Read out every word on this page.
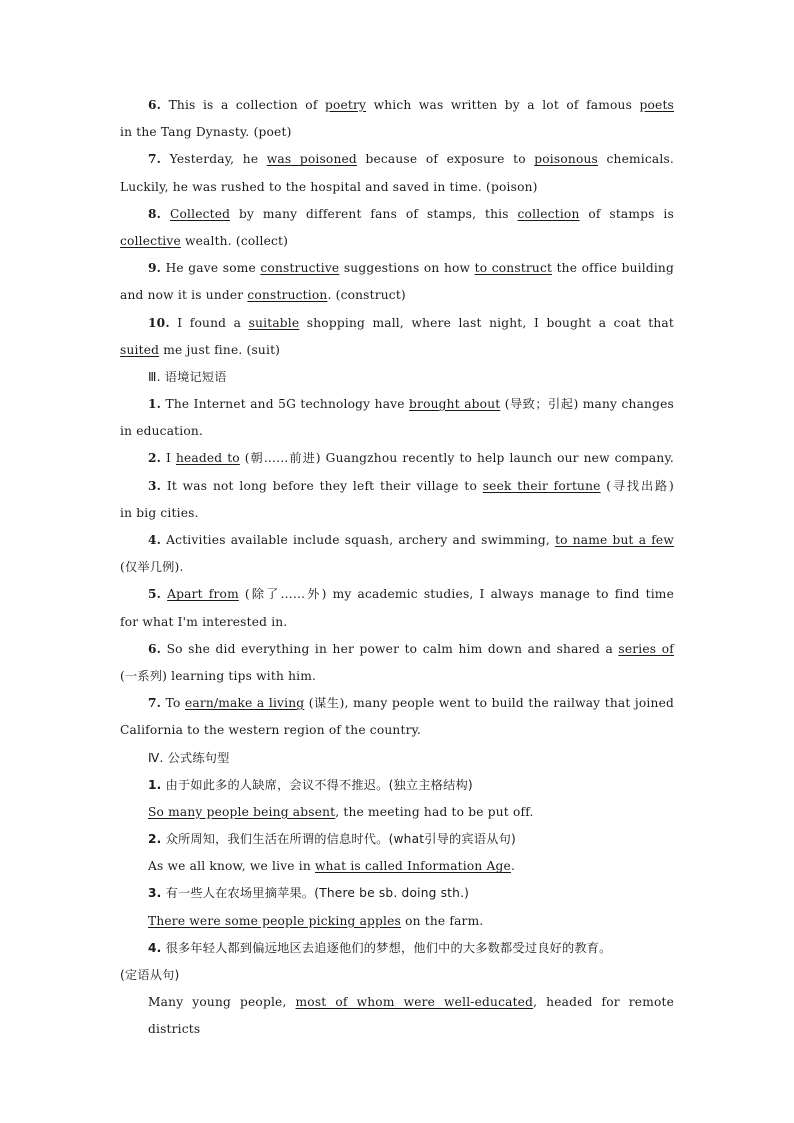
6. This is a collection of poetry which was written by a lot of famous poets
in the Tang Dynasty. (poet)
7. Yesterday, he was poisoned because of exposure to poisonous chemicals.
Luckily, he was rushed to the hospital and saved in time. (poison)
8. Collected by many different fans of stamps, this collection of stamps is
collective wealth. (collect)
9. He gave some constructive suggestions on how to construct the office building
and now it is under construction. (construct)
10. I found a suitable shopping mall, where last night, I bought a coat that
suited me just fine. (suit)
Ⅲ. 语境记短语
1. The Internet and 5G technology have brought about (导致；引起) many changes
in education.
2. I headed to (朝……前进) Guangzhou recently to help launch our new company.
3. It was not long before they left their village to seek their fortune (寻找出路)
in big cities.
4. Activities available include squash, archery and swimming, to name but a few
(仅举几例).
5. Apart from (除了……外) my academic studies, I always manage to find time
for what I'm interested in.
6. So she did everything in her power to calm him down and shared a series of
(一系列) learning tips with him.
7. To earn/make a living (谋生), many people went to build the railway that joined
California to the western region of the country.
Ⅳ. 公式练句型
1. 由于如此多的人缺席，会议不得不推迟。(独立主格结构)
So many people being absent, the meeting had to be put off.
2. 众所周知，我们生活在所谓的信息时代。(what引导的宾语从句)
As we all know, we live in what is called Information Age.
3. 有一些人在农场里摘苹果。(There be sb. doing sth.)
There were some people picking apples on the farm.
4. 很多年轻人都到偏远地区去追逐他们的梦想，他们中的大多数都受过良好的教育。
(定语从句)
Many young people, most of whom were well-educated, headed for remote districts
